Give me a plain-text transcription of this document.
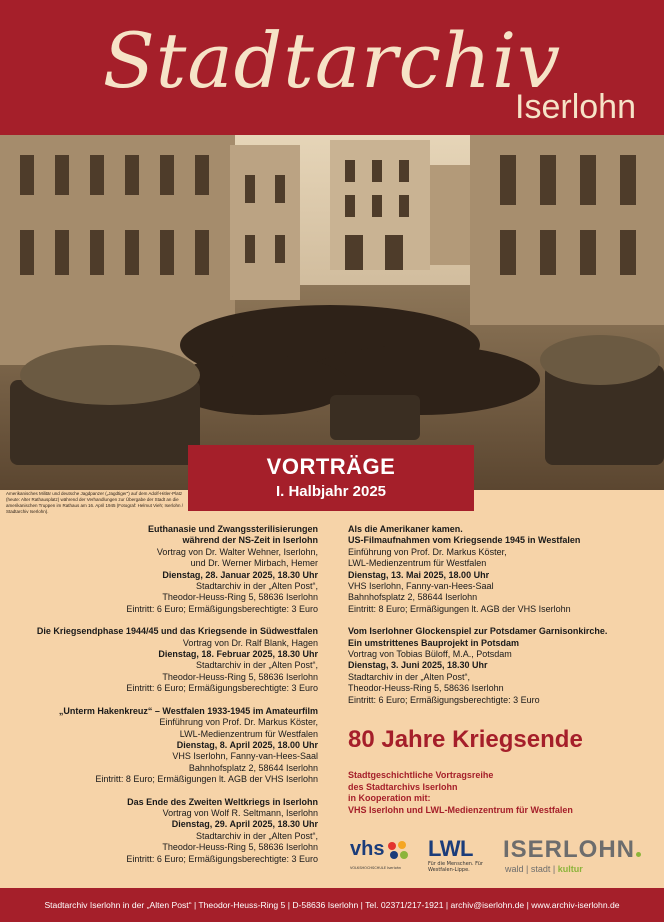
Stadtarchiv
Iserlohn
Amerikanisches Militär und deutsche Jagdpanzer („Jagdtiger“) auf dem Adolf-Hitler-Platz (heute: Alter Rathausplatz) während der Verhandlungen zur Übergabe der Stadt an die amerikanischen Truppen im Rathaus am 16. April 1945 (Fotograf: Helmut Vieh; Iserlohn / Stadtarchiv Iserlohn).
VORTRÄGE
I. Halbjahr 2025
Euthanasie und Zwangssterilisierungen
während der NS-Zeit in Iserlohn
Vortrag von Dr. Walter Wehner, Iserlohn,
und Dr. Werner Mirbach, Hemer
Dienstag, 28. Januar 2025, 18.30 Uhr
Stadtarchiv in der „Alten Post“,
Theodor-Heuss-Ring 5, 58636 Iserlohn
Eintritt: 6 Euro; Ermäßigungsberechtigte: 3 Euro
Die Kriegsendphase 1944/45 und das Kriegsende in Südwestfalen
Vortrag von Dr. Ralf Blank, Hagen
Dienstag, 18. Februar 2025, 18.30 Uhr
Stadtarchiv in der „Alten Post“,
Theodor-Heuss-Ring 5, 58636 Iserlohn
Eintritt: 6 Euro; Ermäßigungsberechtigte: 3 Euro
„Unterm Hakenkreuz“ – Westfalen 1933-1945 im Amateurfilm
Einführung von Prof. Dr. Markus Köster,
LWL-Medienzentrum für Westfalen
Dienstag, 8. April 2025, 18.00 Uhr
VHS Iserlohn, Fanny-van-Hees-Saal
Bahnhofsplatz 2, 58644 Iserlohn
Eintritt: 8 Euro; Ermäßigungen lt. AGB der VHS Iserlohn
Das Ende des Zweiten Weltkriegs in Iserlohn
Vortrag von Wolf R. Seltmann, Iserlohn
Dienstag, 29. April 2025, 18.30 Uhr
Stadtarchiv in der „Alten Post“,
Theodor-Heuss-Ring 5, 58636 Iserlohn
Eintritt: 6 Euro; Ermäßigungsberechtigte: 3 Euro
Als die Amerikaner kamen.
US-Filmaufnahmen vom Kriegsende 1945 in Westfalen
Einführung von Prof. Dr. Markus Köster,
LWL-Medienzentrum für Westfalen
Dienstag, 13. Mai 2025, 18.00 Uhr
VHS Iserlohn, Fanny-van-Hees-Saal
Bahnhofsplatz 2, 58644 Iserlohn
Eintritt: 8 Euro; Ermäßigungen lt. AGB der VHS Iserlohn
Vom Iserlohner Glockenspiel zur Potsdamer Garnisonkirche.
Ein umstrittenes Bauprojekt in Potsdam
Vortrag von Tobias Büloff, M.A., Potsdam
Dienstag, 3. Juni 2025, 18.30 Uhr
Stadtarchiv in der „Alten Post“,
Theodor-Heuss-Ring 5, 58636 Iserlohn
Eintritt: 6 Euro; Ermäßigungsberechtigte: 3 Euro
80 Jahre Kriegsende
Stadtgeschichtliche Vortragsreihe
des Stadtarchivs Iserlohn
in Kooperation mit:
VHS Iserlohn und LWL-Medienzentrum für Westfalen
vhs
VOLKSHOCHSCHULE Iserlohn
LWL
Für die Menschen. Für Westfalen-Lippe.
ISERLOHN
wald | stadt | kultur
Stadtarchiv Iserlohn in der „Alten Post“ | Theodor-Heuss-Ring 5 | D-58636 Iserlohn | Tel. 02371/217-1921 | archiv@iserlohn.de | www.archiv-iserlohn.de
